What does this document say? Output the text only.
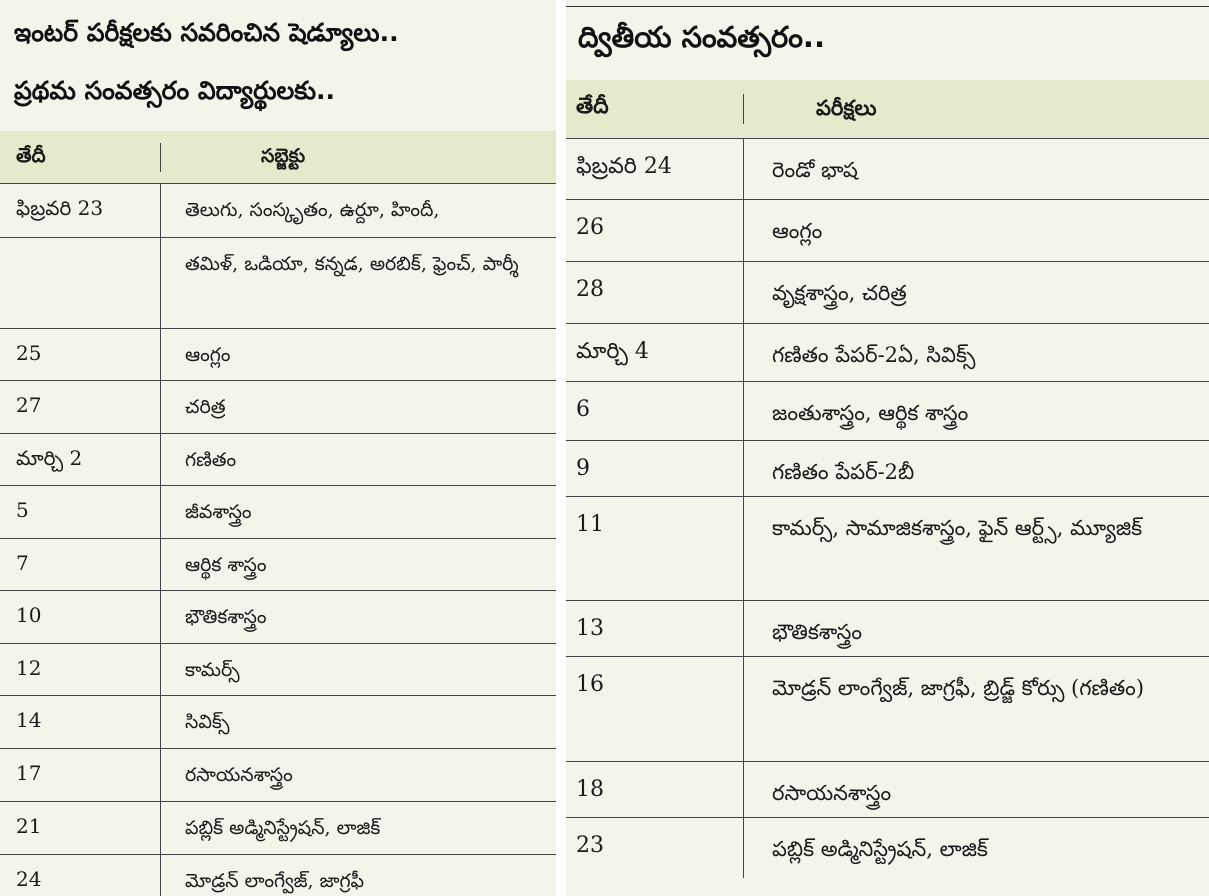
ఇంటర్ పరీక్షలకు సవరించిన షెడ్యూలు..
ప్రథమ సంవత్సరం విద్యార్థులకు..
తేదీ	సబ్జెక్టు
ఫిబ్రవరి 23	తెలుగు, సంస్కృతం, ఉర్దూ, హిందీ,
తమిళ్, ఒడియా, కన్నడ, అరబిక్, ఫ్రెంచ్, పార్శీ
25	ఆంగ్లం
27	చరిత్ర
మార్చి 2	గణితం
5	జీవశాస్త్రం
7	ఆర్థిక శాస్త్రం
10	భౌతికశాస్త్రం
12	కామర్స్
14	సివిక్స్
17	రసాయనశాస్త్రం
21	పబ్లిక్ అడ్మినిస్ట్రేషన్, లాజిక్
24	మోడ్రన్ లాంగ్వేజ్, జాగ్రఫీ
ద్వితీయ సంవత్సరం..
తేదీ	పరీక్షలు
ఫిబ్రవరి 24	రెండో భాష
26	ఆంగ్లం
28	వృక్షశాస్త్రం, చరిత్ర
మార్చి 4	గణితం పేపర్-2ఏ, సివిక్స్
6	జంతుశాస్త్రం, ఆర్థిక శాస్త్రం
9	గణితం పేపర్-2బీ
11	కామర్స్, సామాజికశాస్త్రం, ఫైన్ ఆర్ట్స్, మ్యూజిక్
13	భౌతికశాస్త్రం
16	మోడ్రన్ లాంగ్వేజ్, జాగ్రఫీ, బ్రిడ్జ్ కోర్సు (గణితం)
18	రసాయనశాస్త్రం
23	పబ్లిక్ అడ్మినిస్ట్రేషన్, లాజిక్
